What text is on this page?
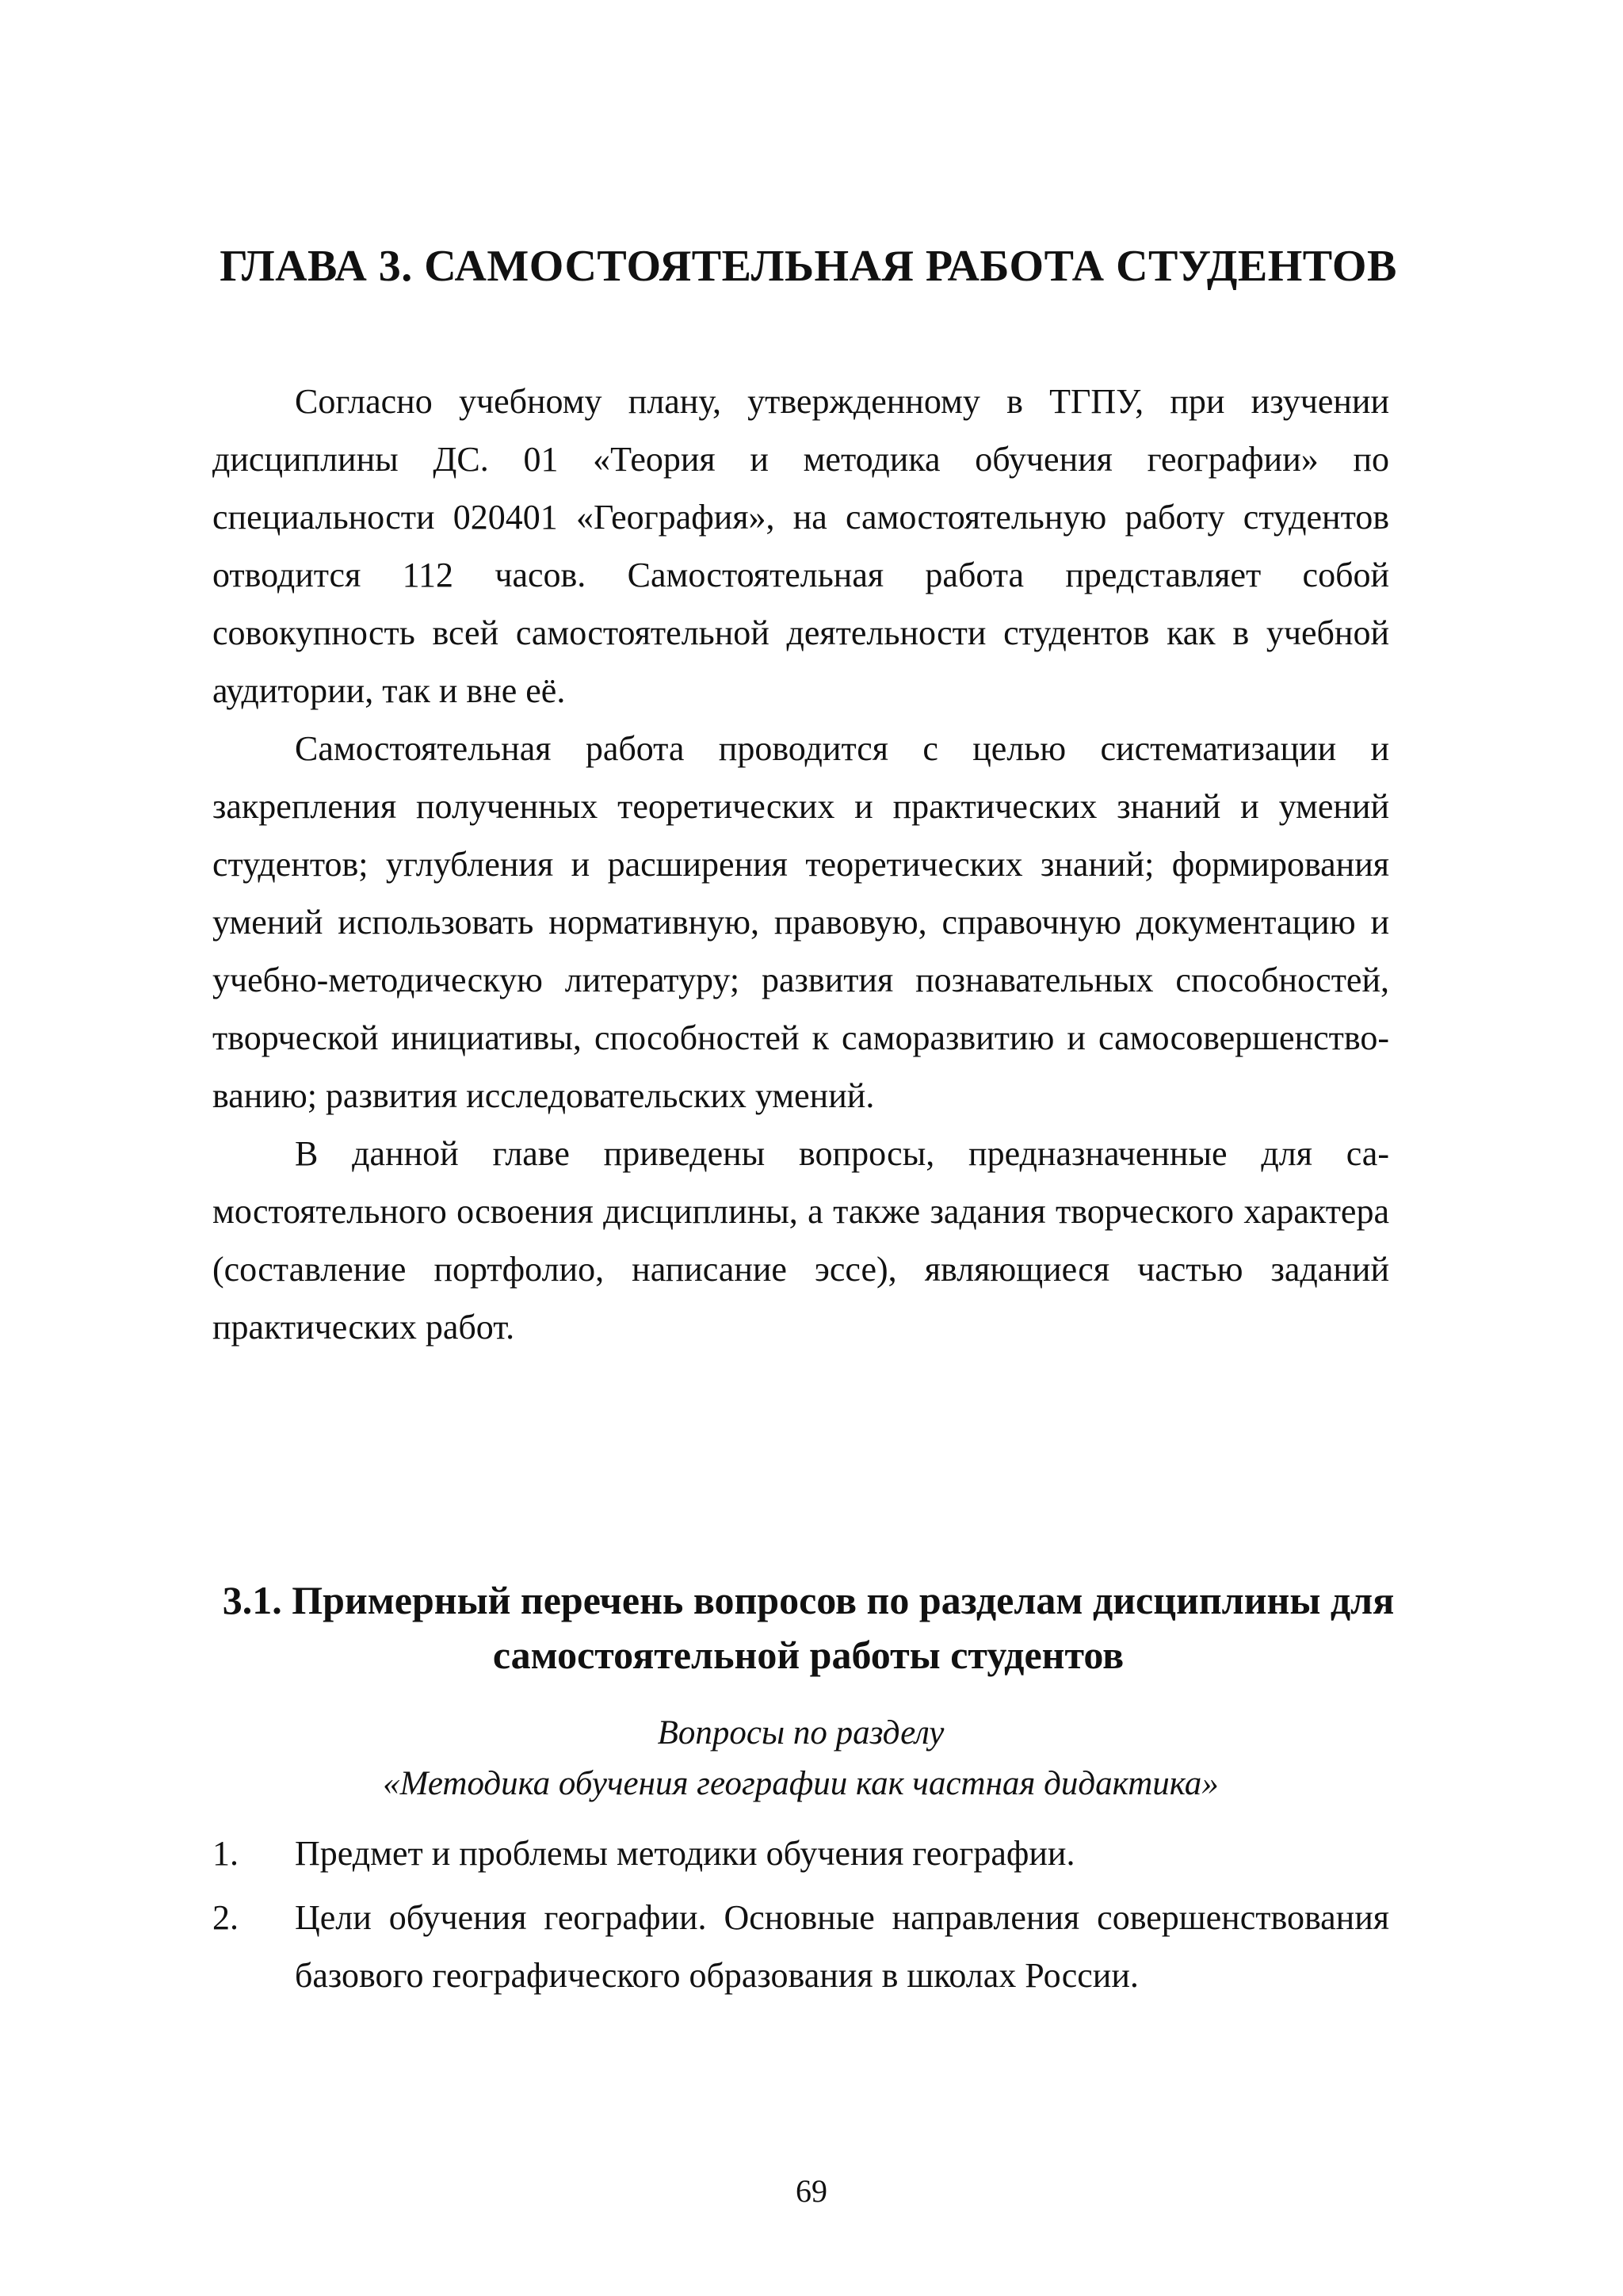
ГЛАВА 3. САМОСТОЯТЕЛЬНАЯ РАБОТА СТУДЕНТОВ

Согласно учебному плану, утвержденному в ТГПУ, при изучении дисциплины ДС. 01 «Теория и методика обучения географии» по специальности 020401 «География», на самостоятельную работу студентов отводится 112 часов. Самостоятельная работа представляет собой совокупность всей самостоятельной деятельности студентов как в учебной аудитории, так и вне её.

Самостоятельная работа проводится с целью систематизации и закрепления полученных теоретических и практических знаний и умений студентов; углубления и расширения теоретических знаний; формирования умений использовать нормативную, правовую, справочную документацию и учебно-методическую литературу; развития познавательных способностей, творческой инициативы, способностей к саморазвитию и самосовершенствованию; развития исследовательских умений.

В данной главе приведены вопросы, предназначенные для самостоятельного освоения дисциплины, а также задания творческого характера (составление портфолио, написание эссе), являющиеся частью заданий практических работ.

3.1. Примерный перечень вопросов по разделам дисциплины для самостоятельной работы студентов
Вопросы по разделу
«Методика обучения географии как частная дидактика»
1. Предмет и проблемы методики обучения географии.
2. Цели обучения географии. Основные направления совершенствования базового географического образования в школах России.
69
